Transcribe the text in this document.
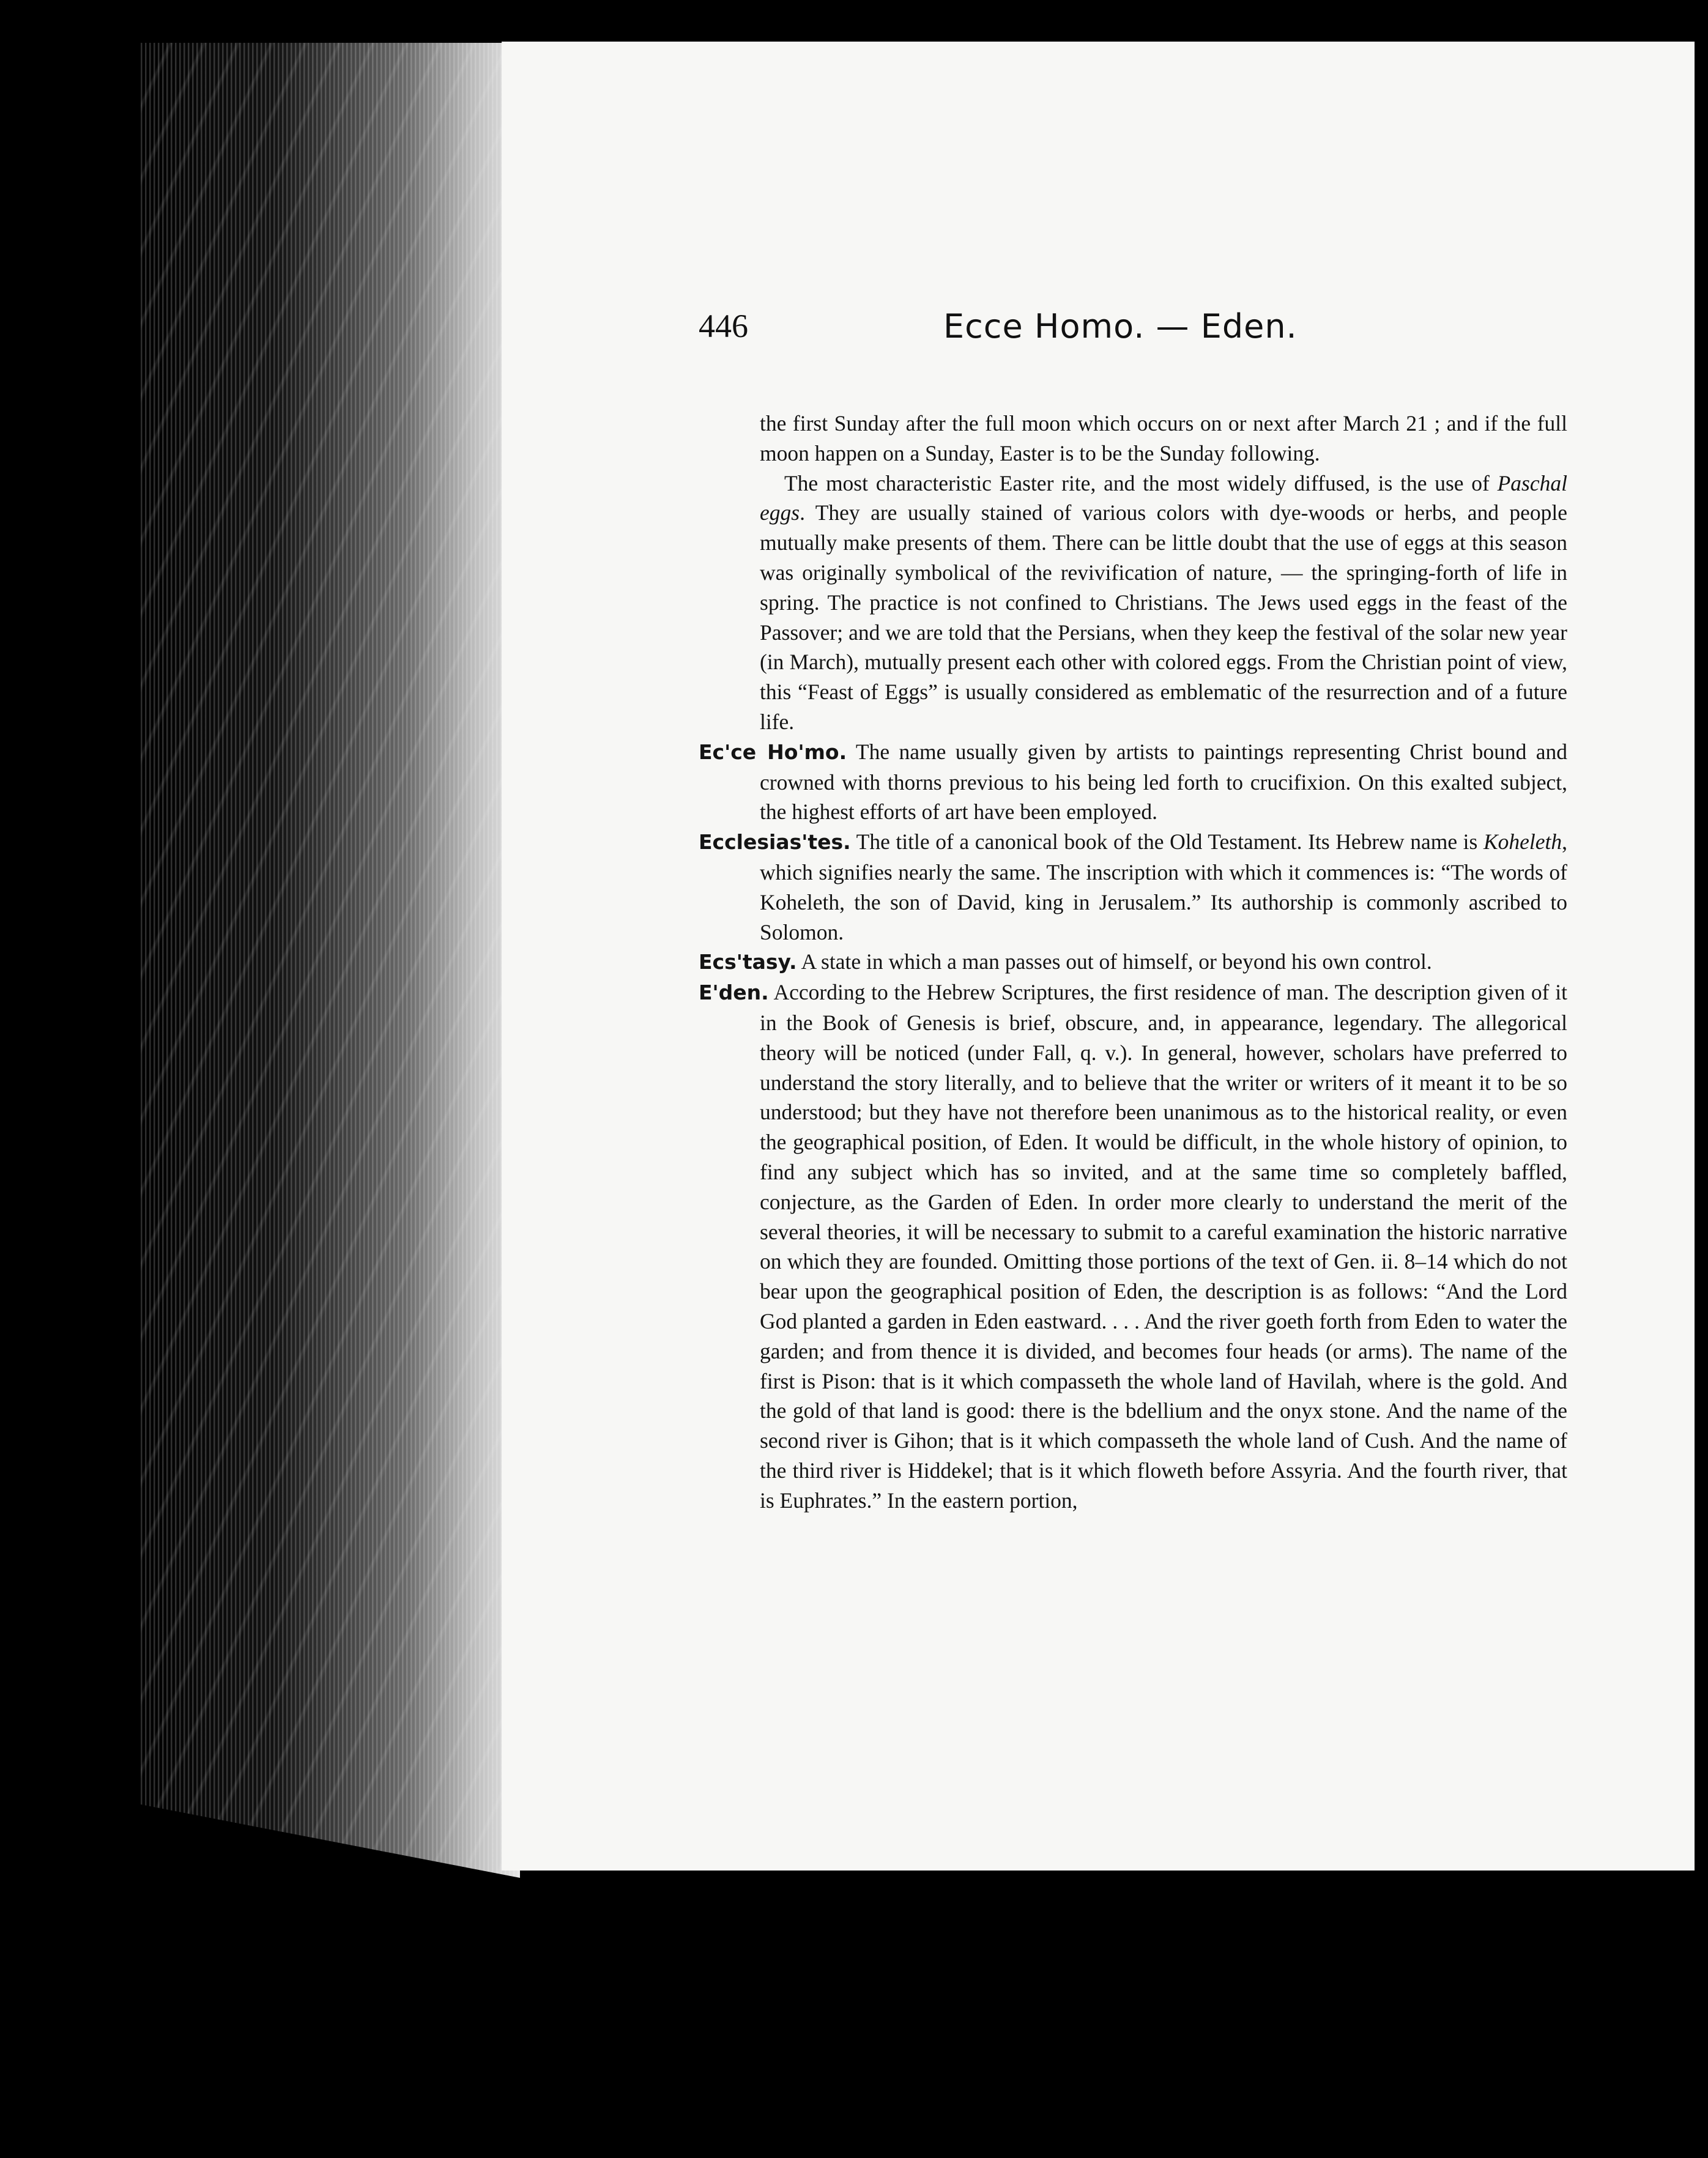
446	Ecce Homo. — Eden.

the first Sunday after the full moon which occurs on or next after March 21 ; and if the full moon happen on a Sunday, Easter is to be the Sunday following.

The most characteristic Easter rite, and the most widely diffused, is the use of Paschal eggs. They are usually stained of various colors with dye-woods or herbs, and people mutually make presents of them. There can be little doubt that the use of eggs at this season was originally symbolical of the revivification of nature, — the springing-forth of life in spring. The practice is not confined to Christians. The Jews used eggs in the feast of the Passover; and we are told that the Persians, when they keep the festival of the solar new year (in March), mutually present each other with colored eggs. From the Christian point of view, this “Feast of Eggs” is usually considered as emblematic of the resurrection and of a future life.

Ec'ce Ho'mo. The name usually given by artists to paintings representing Christ bound and crowned with thorns previous to his being led forth to crucifixion. On this exalted subject, the highest efforts of art have been employed.

Ecclesias'tes. The title of a canonical book of the Old Testament. Its Hebrew name is Koheleth, which signifies nearly the same. The inscription with which it commences is: “The words of Koheleth, the son of David, king in Jerusalem.” Its authorship is commonly ascribed to Solomon.

Ecs'tasy. A state in which a man passes out of himself, or beyond his own control.

E'den. According to the Hebrew Scriptures, the first residence of man. The description given of it in the Book of Genesis is brief, obscure, and, in appearance, legendary. The allegorical theory will be noticed (under Fall, q. v.). In general, however, scholars have preferred to understand the story literally, and to believe that the writer or writers of it meant it to be so understood; but they have not therefore been unanimous as to the historical reality, or even the geographical position, of Eden. It would be difficult, in the whole history of opinion, to find any subject which has so invited, and at the same time so completely baffled, conjecture, as the Garden of Eden. In order more clearly to understand the merit of the several theories, it will be necessary to submit to a careful examination the historic narrative on which they are founded. Omitting those portions of the text of Gen. ii. 8–14 which do not bear upon the geographical position of Eden, the description is as follows: “And the Lord God planted a garden in Eden eastward. . . . And the river goeth forth from Eden to water the garden; and from thence it is divided, and becomes four heads (or arms). The name of the first is Pison: that is it which compasseth the whole land of Havilah, where is the gold. And the gold of that land is good: there is the bdellium and the onyx stone. And the name of the second river is Gihon; that is it which compasseth the whole land of Cush. And the name of the third river is Hiddekel; that is it which floweth before Assyria. And the fourth river, that is Euphrates.” In the eastern portion,
